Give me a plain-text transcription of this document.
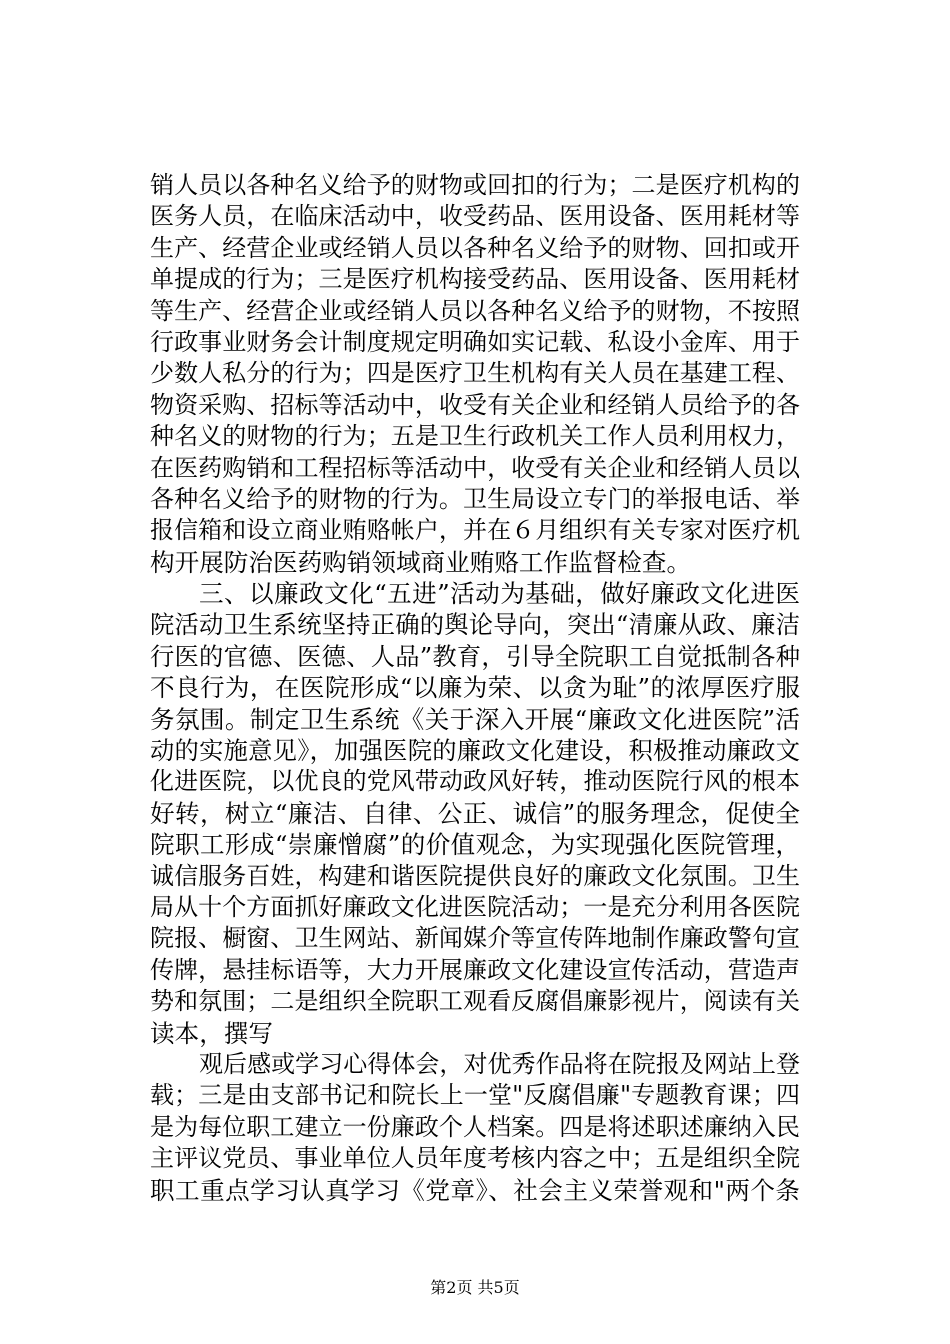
销人员以各种名义给予的财物或回扣的行为；二是医疗机构的
医务人员，在临床活动中，收受药品、医用设备、医用耗材等
生产、经营企业或经销人员以各种名义给予的财物、回扣或开
单提成的行为；三是医疗机构接受药品、医用设备、医用耗材
等生产、经营企业或经销人员以各种名义给予的财物，不按照
行政事业财务会计制度规定明确如实记载、私设小金库、用于
少数人私分的行为；四是医疗卫生机构有关人员在基建工程、
物资采购、招标等活动中，收受有关企业和经销人员给予的各
种名义的财物的行为；五是卫生行政机关工作人员利用权力，
在医药购销和工程招标等活动中，收受有关企业和经销人员以
各种名义给予的财物的行为。卫生局设立专门的举报电话、举
报信箱和设立商业贿赂帐户，并在６月组织有关专家对医疗机
构开展防治医药购销领域商业贿赂工作监督检查。
三、以廉政文化“五进”活动为基础，做好廉政文化进医
院活动卫生系统坚持正确的舆论导向，突出“清廉从政、廉洁
行医的官德、医德、人品”教育，引导全院职工自觉抵制各种
不良行为，在医院形成“以廉为荣、以贪为耻”的浓厚医疗服
务氛围。制定卫生系统《关于深入开展“廉政文化进医院”活
动的实施意见》，加强医院的廉政文化建设，积极推动廉政文
化进医院，以优良的党风带动政风好转，推动医院行风的根本
好转，树立“廉洁、自律、公正、诚信”的服务理念，促使全
院职工形成“崇廉憎腐”的价值观念，为实现强化医院管理，
诚信服务百姓，构建和谐医院提供良好的廉政文化氛围。卫生
局从十个方面抓好廉政文化进医院活动；一是充分利用各医院
院报、橱窗、卫生网站、新闻媒介等宣传阵地制作廉政警句宣
传牌，悬挂标语等，大力开展廉政文化建设宣传活动，营造声
势和氛围；二是组织全院职工观看反腐倡廉影视片，阅读有关
读本，撰写
观后感或学习心得体会，对优秀作品将在院报及网站上登
载；三是由支部书记和院长上一堂"反腐倡廉"专题教育课；四
是为每位职工建立一份廉政个人档案。四是将述职述廉纳入民
主评议党员、事业单位人员年度考核内容之中；五是组织全院
职工重点学习认真学习《党章》、社会主义荣誉观和"两个条
第2页 共5页
